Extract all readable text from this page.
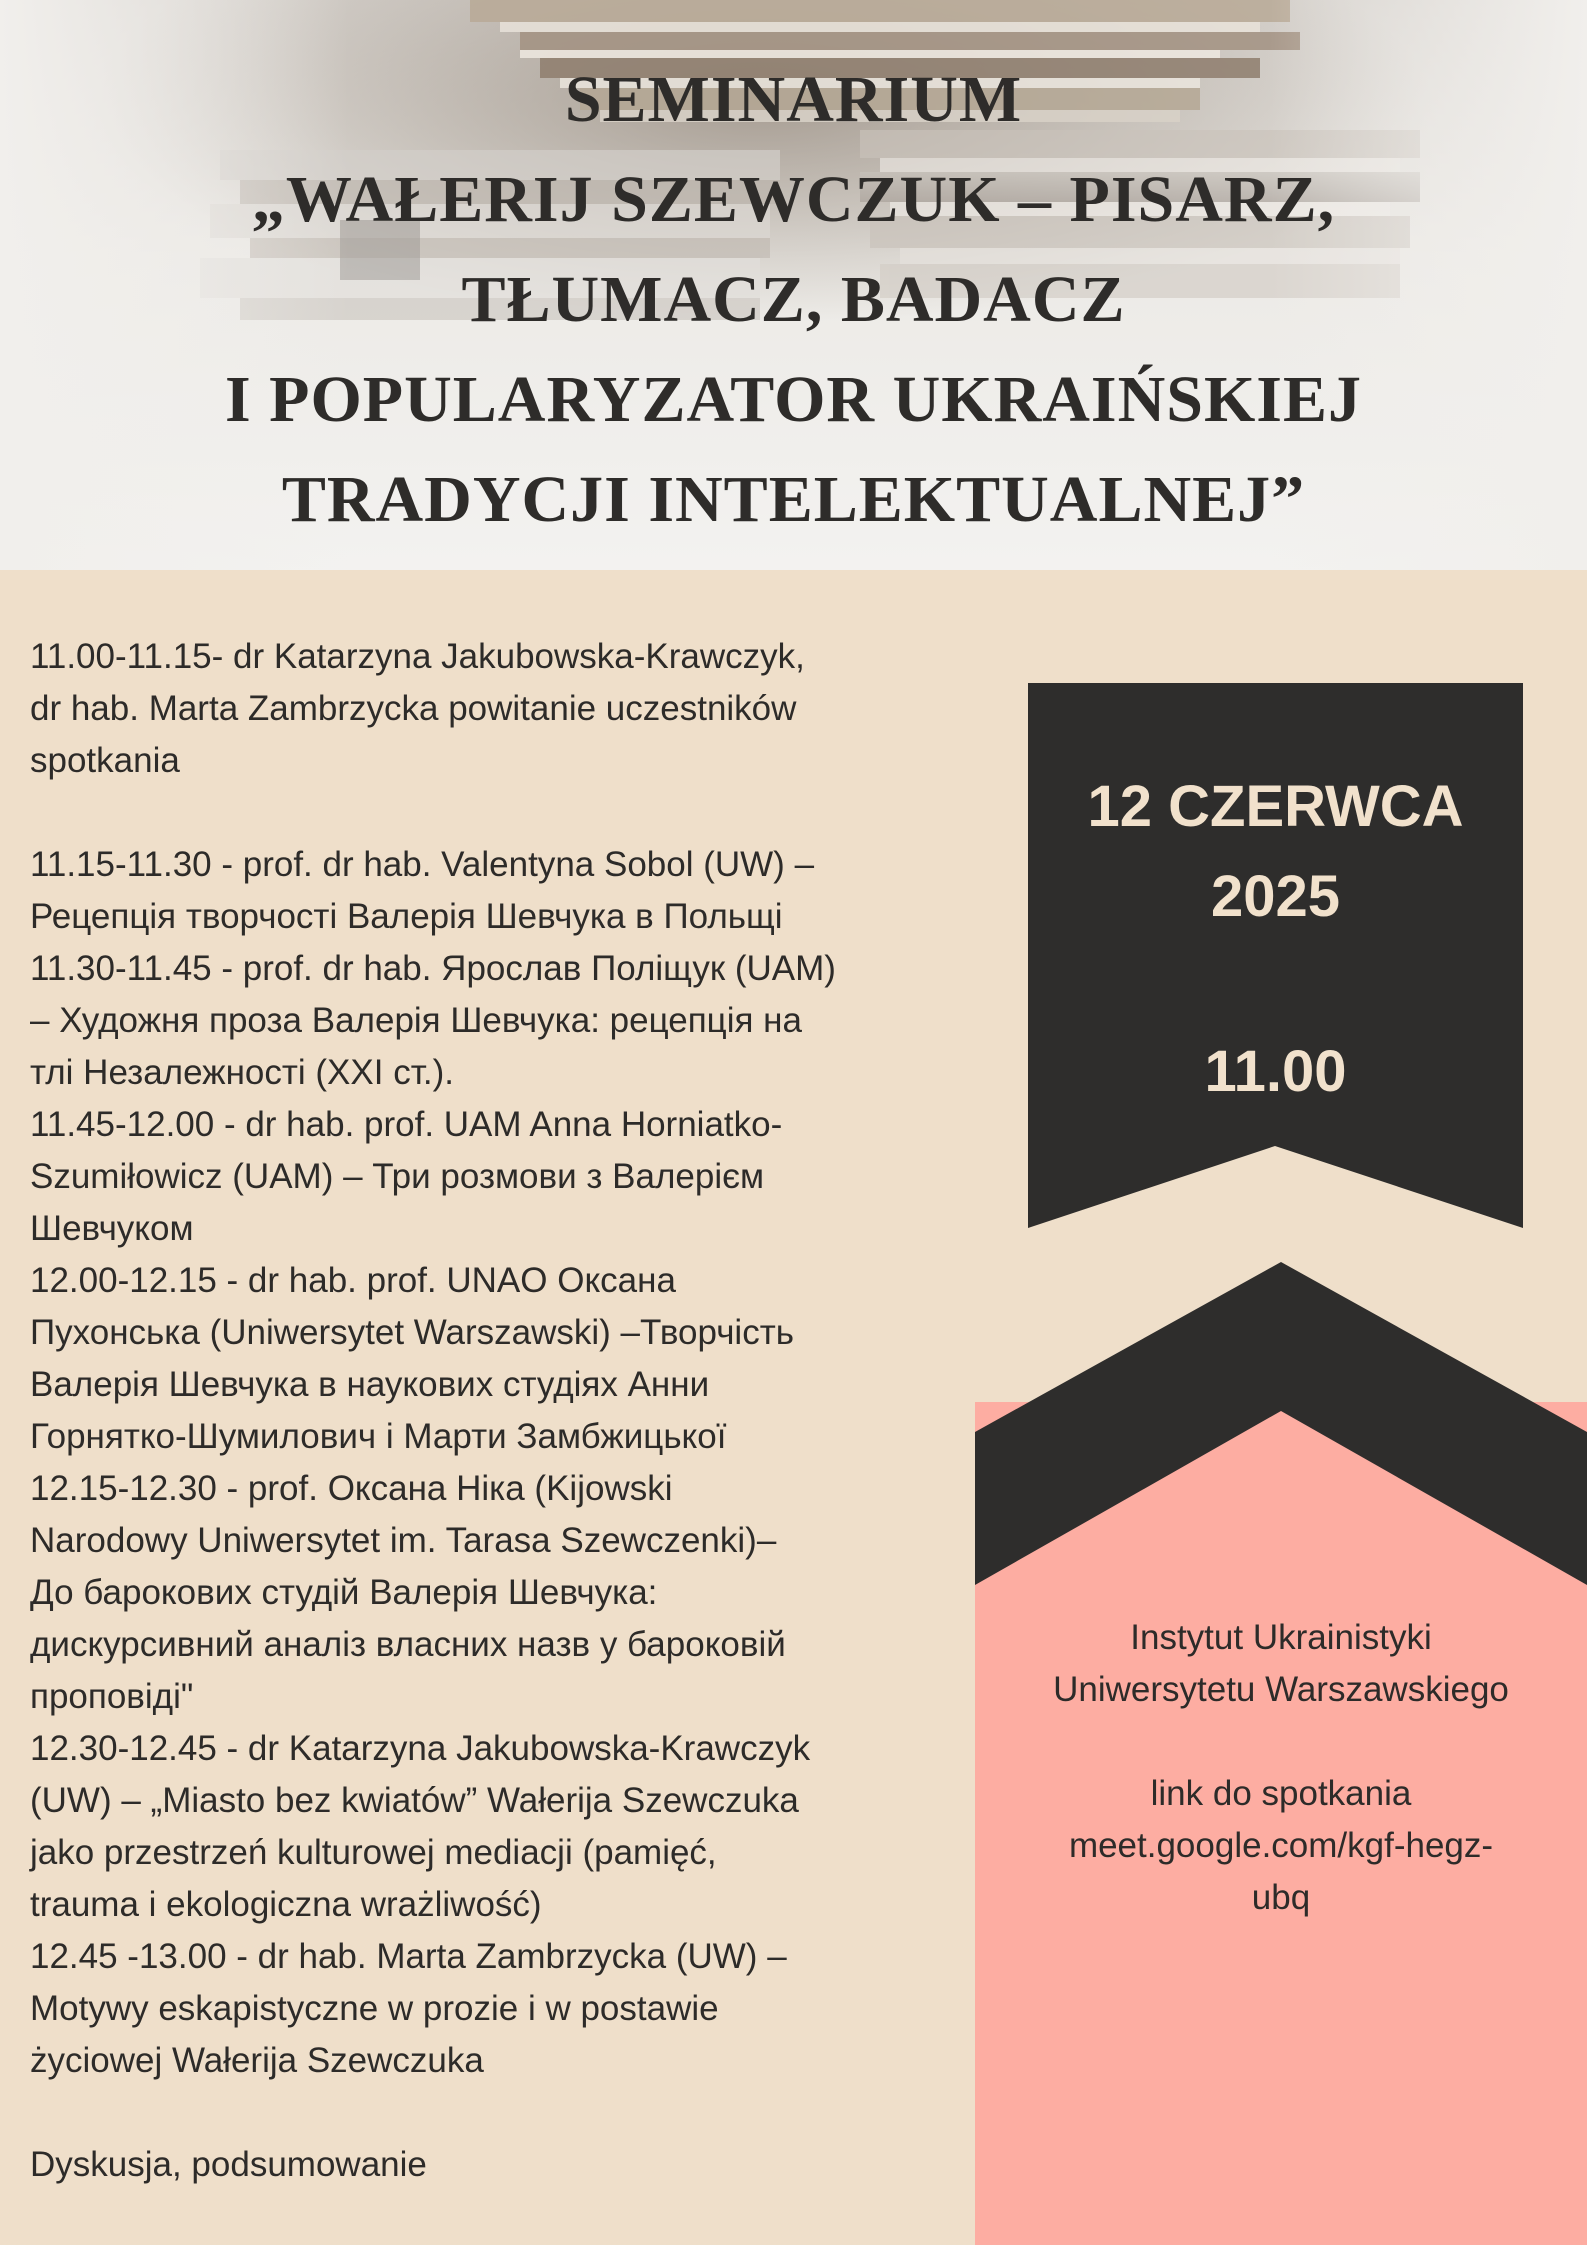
SEMINARIUM
„WAŁERIJ SZEWCZUK – PISARZ,
TŁUMACZ, BADACZ
I POPULARYZATOR UKRAIŃSKIEJ
TRADYCJI INTELEKTUALNEJ”

11.00-11.15- dr Katarzyna Jakubowska-Krawczyk,
dr hab. Marta Zambrzycka powitanie uczestników
spotkania

11.15-11.30 - prof. dr hab. Valentyna Sobol (UW) –
Рецепція творчості Валерія Шевчука в Польщі

11.30-11.45 - prof. dr hab. Ярослав Поліщук (UAM)
– Художня проза Валерія Шевчука: рецепція на
тлі Незалежності (XXI ст.).

11.45-12.00 - dr hab. prof. UAM Anna Horniatko-
Szumiłowicz (UAM) – Три розмови з Валерієм
Шевчуком

12.00-12.15 - dr hab. prof. UNAO Оксана
Пухонська (Uniwersytet Warszawski) –Творчість
Валерія Шевчука в наукових студіях Анни
Горнятко-Шумилович і Марти Замбжицької

12.15-12.30 - prof. Оксана Ніка (Kijowski
Narodowy Uniwersytet im. Tarasa Szewczenki)–
До барокових студій Валерія Шевчука:
дискурсивний аналіз власних назв у бароковій
проповіді"

12.30-12.45 - dr Katarzyna Jakubowska-Krawczyk
(UW) – „Miasto bez kwiatów” Wałerija Szewczuka
jako przestrzeń kulturowej mediacji (pamięć,
trauma i ekologiczna wrażliwość)

12.45 -13.00 - dr hab. Marta Zambrzycka (UW) –
Motywy eskapistyczne w prozie i w postawie
życiowej Wałerija Szewczuka

Dyskusja, podsumowanie

12 CZERWCA
2025

11.00

Instytut Ukrainistyki
Uniwersytetu Warszawskiego

link do spotkania
meet.google.com/kgf-hegz-
ubq
